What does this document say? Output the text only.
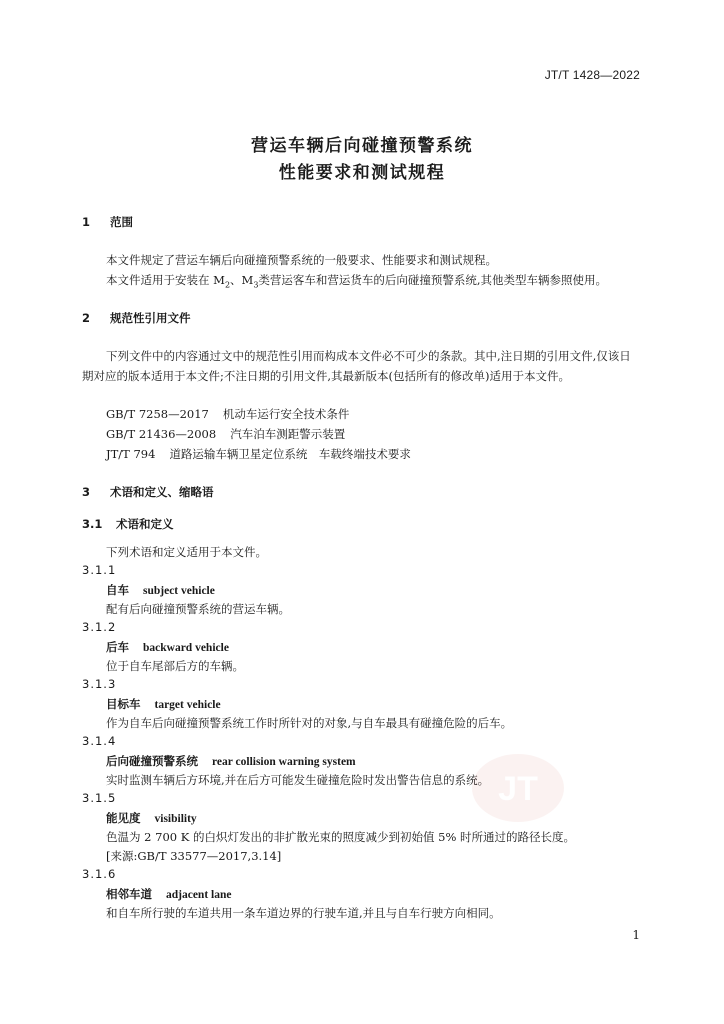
JT/T 1428—2022
营运车辆后向碰撞预警系统
性能要求和测试规程
1 范围
本文件规定了营运车辆后向碰撞预警系统的一般要求、性能要求和测试规程。
本文件适用于安装在 $M_2$、$M_3$类营运客车和营运货车的后向碰撞预警系统,其他类型车辆参照使用。
2 规范性引用文件
下列文件中的内容通过文中的规范性引用而构成本文件必不可少的条款。其中,注日期的引用文件,仅该日期对应的版本适用于本文件;不注日期的引用文件,其最新版本(包括所有的修改单)适用于本文件。
GB/T 7258—2017 机动车运行安全技术条件
GB/T 21436—2008 汽车泊车测距警示装置
JT/T 794 道路运输车辆卫星定位系统　车载终端技术要求
3 术语和定义、缩略语
3.1 术语和定义
下列术语和定义适用于本文件。
3.1.1
自车 subject vehicle
配有后向碰撞预警系统的营运车辆。
3.1.2
后车 backward vehicle
位于自车尾部后方的车辆。
3.1.3
目标车 target vehicle
作为自车后向碰撞预警系统工作时所针对的对象,与自车最具有碰撞危险的后车。
3.1.4
后向碰撞预警系统 rear collision warning system
实时监测车辆后方环境,并在后方可能发生碰撞危险时发出警告信息的系统。
3.1.5
能见度 visibility
色温为 2 700 K 的白炽灯发出的非扩散光束的照度减少到初始值 5% 时所通过的路径长度。
[来源:GB/T 33577—2017,3.14]
3.1.6
相邻车道 adjacent lane
和自车所行驶的车道共用一条车道边界的行驶车道,并且与自车行驶方向相同。
JT
1
